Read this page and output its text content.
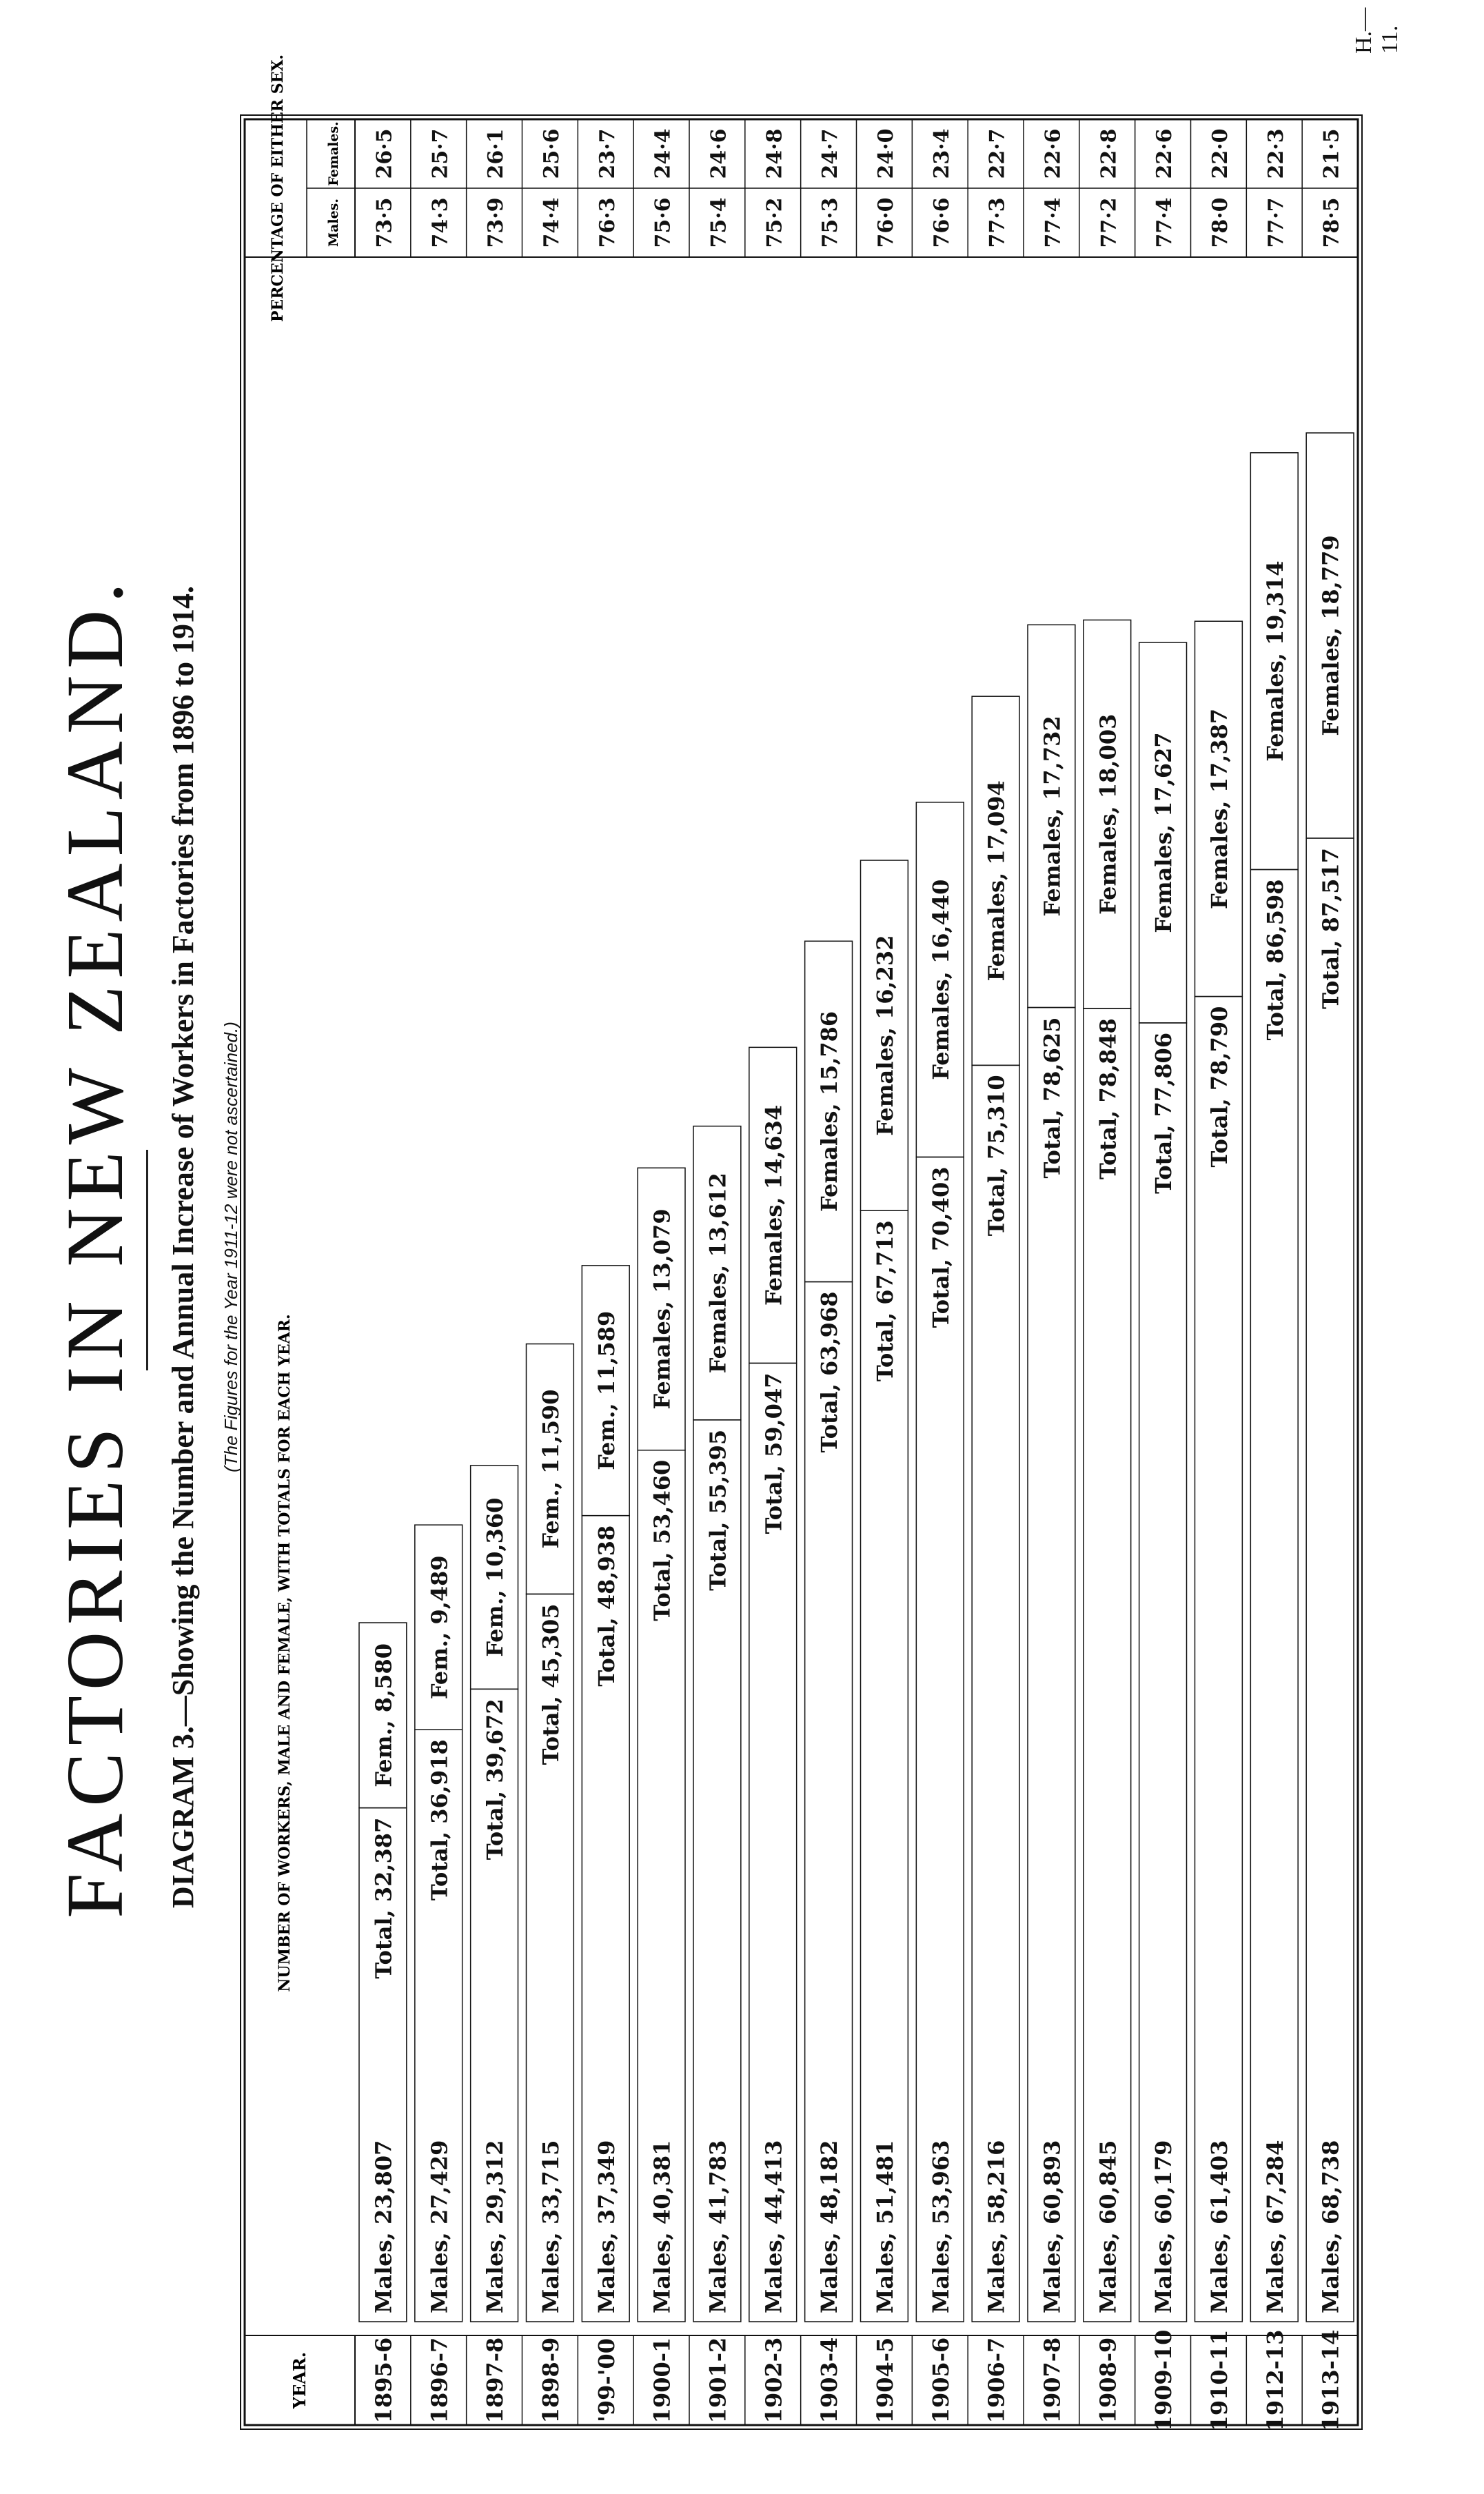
FACTORIES IN NEW ZEALAND. DIAGRAM 3.—Showing the Number and Annual Increase of Workers in Factories from 1896 to 1914. (The Figures for the Year 1911-12 were not ascertained.)
H.—11.
YEAR.
NUMBER OF WORKERS, MALE AND FEMALE, WITH TOTALS FOR EACH YEAR.
PERCENTAGE OF EITHER SEX.	Males.
Females.
1895-6
Males, 23,807
Total, 32,387
Fem., 8,580
73·5
26·5
1896-7
Males, 27,429
Total, 36,918
Fem., 9,489
74·3
25·7
1897-8
Males, 29,312
Total, 39,672
Fem., 10,360
73·9
26·1
1898-9
Males, 33,715
Total, 45,305
Fem., 11,590
74·4
25·6
'99-'00
Males, 37,349
Total, 48,938
Fem., 11,589
76·3
23·7
1900-1
Males, 40,381
Total, 53,460
Females, 13,079
75·6
24·4
1901-2
Males, 41,783
Total, 55,395
Females, 13,612
75·4
24·6
1902-3
Males, 44,413
Total, 59,047
Females, 14,634
75·2
24·8
1903-4
Males, 48,182
Total, 63,968
Females, 15,786
75·3
24·7
1904-5
Males, 51,481
Total, 67,713
Females, 16,232
76·0
24·0
1905-6
Males, 53,963
Total, 70,403
Females, 16,440
76·6
23·4
1906-7
Males, 58,216
Total, 75,310
Females, 17,094
77·3
22·7
1907-8
Males, 60,893
Total, 78,625
Females, 17,732
77·4
22·6
1908-9
Males, 60,845
Total, 78,848
Females, 18,003
77·2
22·8
1909-10
Males, 60,179
Total, 77,806
Females, 17,627
77·4
22·6
1910-11
Males, 61,403
Total, 78,790
Females, 17,387
78·0
22·0
1912-13
Males, 67,284
Total, 86,598
Females, 19,314
77·7
22·3
1913-14
Males, 68,738
Total, 87,517
Females, 18,779
78·5
21·5
